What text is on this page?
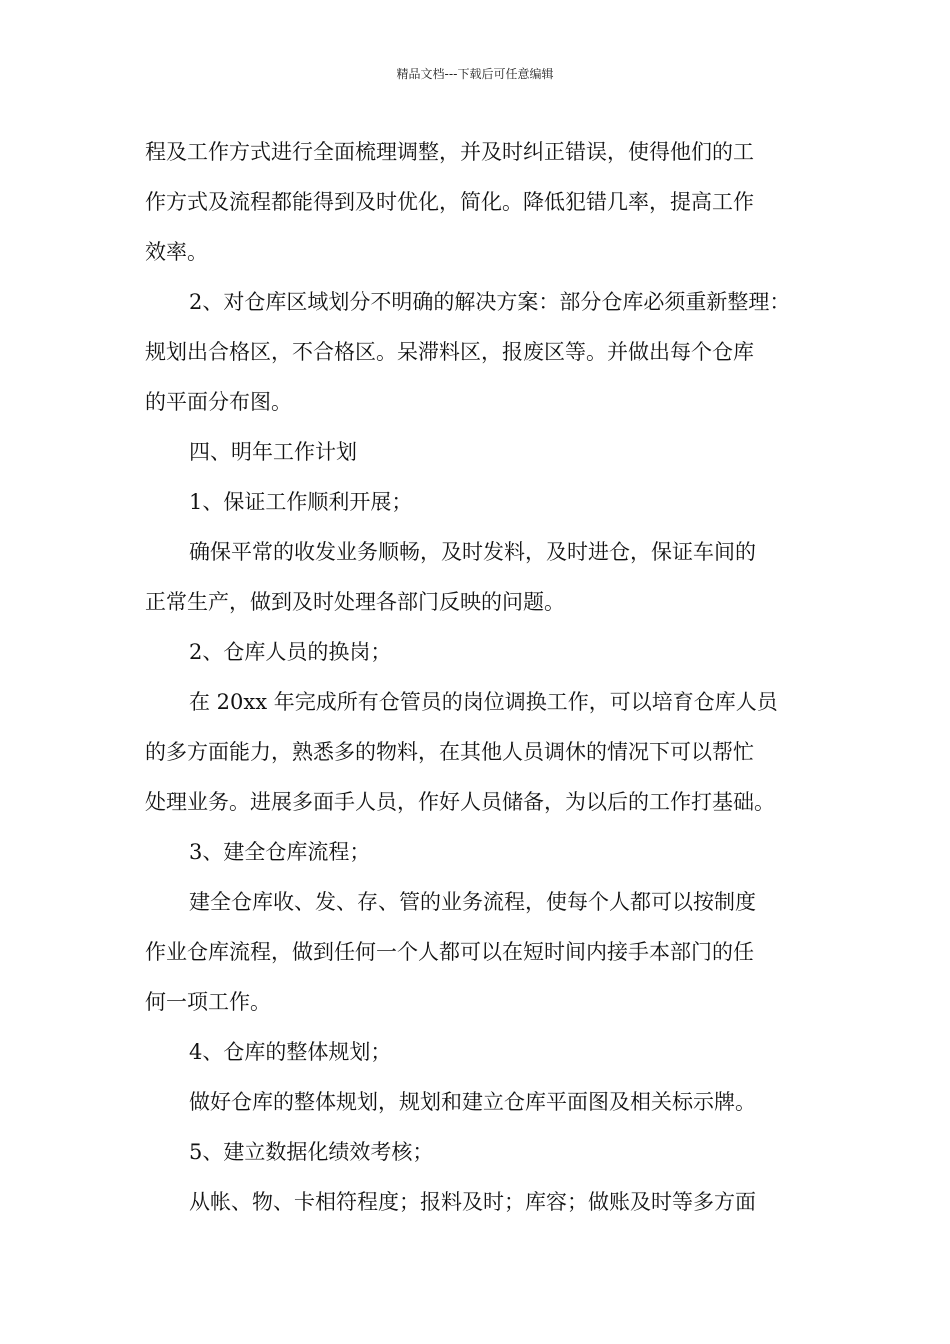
精品文档---下载后可任意编辑
程及工作方式进行全面梳理调整，并及时纠正错误，使得他们的工
作方式及流程都能得到及时优化，简化。降低犯错几率，提高工作
效率。
2、对仓库区域划分不明确的解决方案：部分仓库必须重新整理：
规划出合格区，不合格区。呆滞料区，报废区等。并做出每个仓库
的平面分布图。
四、明年工作计划
1、保证工作顺利开展；
确保平常的收发业务顺畅，及时发料，及时进仓，保证车间的
正常生产，做到及时处理各部门反映的问题。
2、仓库人员的换岗；
在 20xx 年完成所有仓管员的岗位调换工作，可以培育仓库人员
的多方面能力，熟悉多的物料，在其他人员调休的情况下可以帮忙
处理业务。进展多面手人员，作好人员储备，为以后的工作打基础。
3、建全仓库流程；
建全仓库收、发、存、管的业务流程，使每个人都可以按制度
作业仓库流程，做到任何一个人都可以在短时间内接手本部门的任
何一项工作。
4、仓库的整体规划；
做好仓库的整体规划，规划和建立仓库平面图及相关标示牌。
5、建立数据化绩效考核；
从帐、物、卡相符程度；报料及时；库容；做账及时等多方面
